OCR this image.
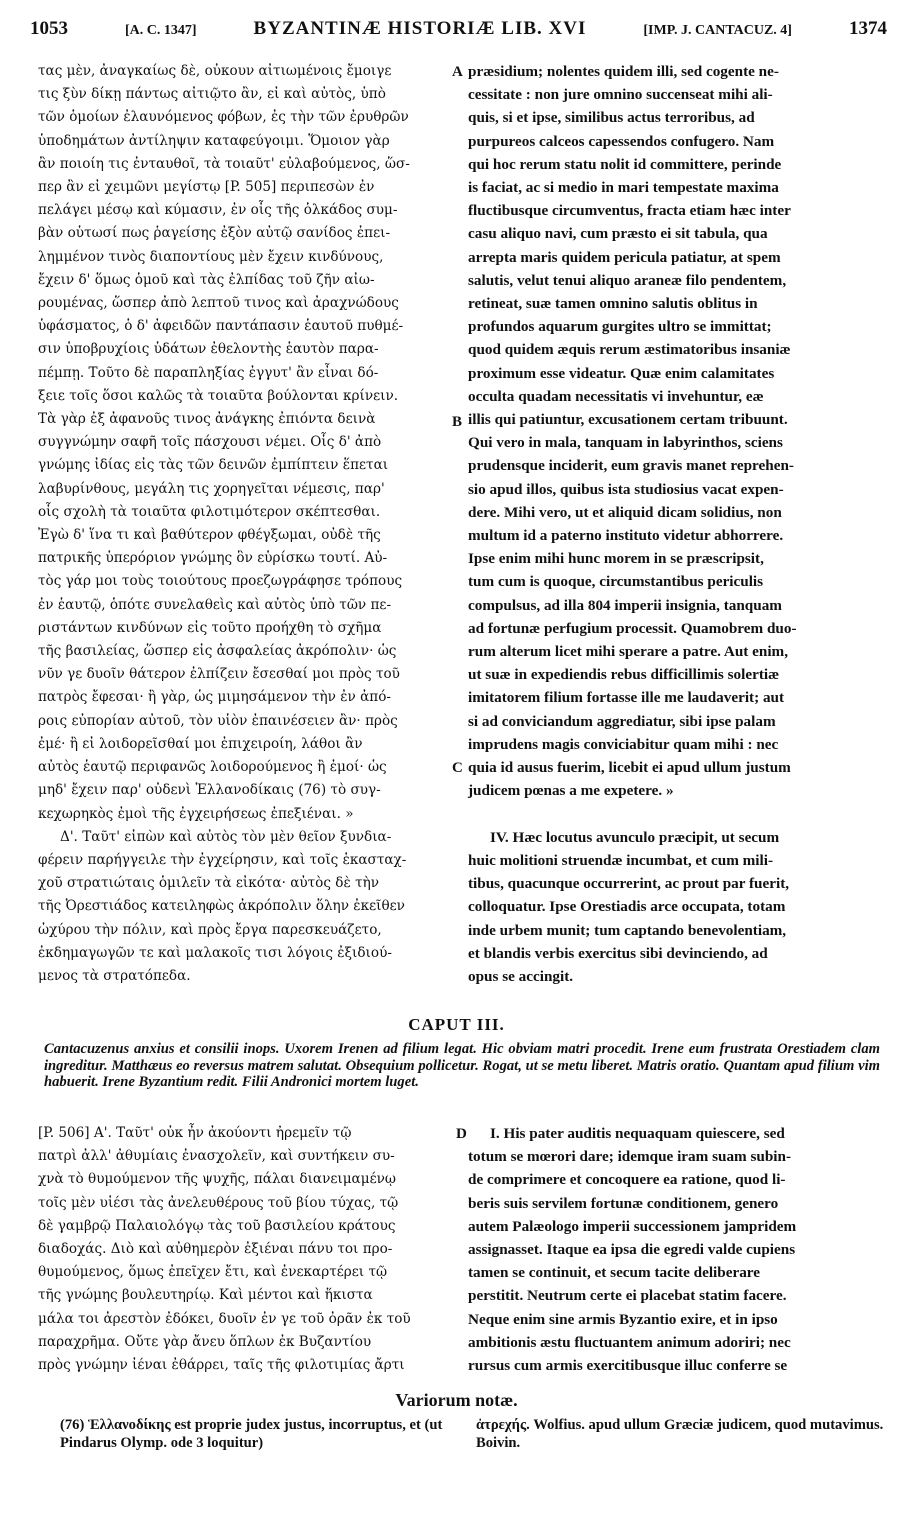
1053	[A. C. 1347]	BYZANTINÆ HISTORIÆ LIB. XVI	[IMP. J. CANTACUZ. 4]	1374
A
B
C
D

τας μὲν, ἀναγκαίως δὲ, οὐκουν αἰτιωμένοις ἔμοιγε

τις ξὺν δίκῃ πάντως αἰτιῷτο ἂν, εἰ καὶ αὐτὸς, ὑπὸ

τῶν ὁμοίων ἐλαυνόμενος φόβων, ἐς τὴν τῶν ἐρυθρῶν

ὑποδημάτων ἀντίληψιν καταφεύγοιμι. Ὅμοιον γὰρ

ἂν ποιοίη τις ἐνταυθοῖ, τὰ τοιαῦτ' εὐλαβούμενος, ὥσ-

περ ἂν εἰ χειμῶνι μεγίστῳ [P. 505] περιπεσὼν ἐν

πελάγει μέσῳ καὶ κύμασιν, ἐν οἷς τῆς ὁλκάδος συμ-

βὰν οὑτωσί πως ῥαγείσης ἐξὸν αὐτῷ σανίδος ἐπει-

λημμένον τινὸς διαποντίους μὲν ἔχειν κινδύνους,

ἔχειν δ' ὅμως ὁμοῦ καὶ τὰς ἐλπίδας τοῦ ζῆν αἰω-

ρουμένας, ὥσπερ ἀπὸ λεπτοῦ τινος καὶ ἀραχνώδους

ὑφάσματος, ὁ δ' ἀφειδῶν παντάπασιν ἑαυτοῦ πυθμέ-

σιν ὑποβρυχίοις ὑδάτων ἐθελοντὴς ἑαυτὸν παρα-

πέμπῃ. Τοῦτο δὲ παραπληξίας ἐγγυτ' ἂν εἶναι δό-

ξειε τοῖς ὅσοι καλῶς τὰ τοιαῦτα βούλονται κρίνειν.

Τὰ γὰρ ἐξ ἀφανοῦς τινος ἀνάγκης ἐπιόντα δεινὰ

συγγνώμην σαφῆ τοῖς πάσχουσι νέμει. Οἷς δ' ἀπὸ

γνώμης ἰδίας εἰς τὰς τῶν δεινῶν ἐμπίπτειν ἕπεται

λαβυρίνθους, μεγάλη τις χορηγεῖται νέμεσις, παρ'

οἷς σχολὴ τὰ τοιαῦτα φιλοτιμότερον σκέπτεσθαι.

Ἐγὼ δ' ἵνα τι καὶ βαθύτερον φθέγξωμαι, οὐδὲ τῆς

πατρικῆς ὑπερόριον γνώμης ὃν εὑρίσκω τουτί. Αὐ-

τὸς γάρ μοι τοὺς τοιούτους προεζωγράφησε τρόπους

ἐν ἑαυτῷ, ὁπότε συνελαθεὶς καὶ αὐτὸς ὑπὸ τῶν πε-

ριστάντων κινδύνων εἰς τοῦτο προήχθη τὸ σχῆμα

τῆς βασιλείας, ὥσπερ εἰς ἀσφαλείας ἀκρόπολιν· ὡς

νῦν γε δυοῖν θάτερον ἐλπίζειν ἔσεσθαί μοι πρὸς τοῦ

πατρὸς ἔφεσαι· ἢ γὰρ, ὡς μιμησάμενον τὴν ἐν ἀπό-

ροις εὐπορίαν αὐτοῦ, τὸν υἱὸν ἐπαινέσειεν ἂν· πρὸς

ἐμέ· ἢ εἰ λοιδορεῖσθαί μοι ἐπιχειροίη, λάθοι ἂν

αὐτὸς ἑαυτῷ περιφανῶς λοιδορούμενος ἢ ἐμοί· ὡς

μηδ' ἔχειν παρ' οὐδενὶ Ἑλλανοδίκαις (76) τὸ συγ-

κεχωρηκὸς ἐμοὶ τῆς ἐγχειρήσεως ἐπεξιέναι. »

Δ'. Ταῦτ' εἰπὼν καὶ αὐτὸς τὸν μὲν θεῖον ξυνδια-

φέρειν παρήγγειλε τὴν ἐγχείρησιν, καὶ τοῖς ἑκασταχ-

χοῦ στρατιώταις ὁμιλεῖν τὰ εἰκότα· αὐτὸς δὲ τὴν

τῆς Ὀρεστιάδος κατειληφὼς ἀκρόπολιν ὅλην ἐκεῖθεν

ὠχύρου τὴν πόλιν, καὶ πρὸς ἔργα παρεσκευάζετο,

ἐκδημαγωγῶν τε καὶ μαλακοῖς τισι λόγοις ἐξιδιού-

μενος τὰ στρατόπεδα.

præsidium; nolentes quidem illi, sed cogente ne-

cessitate : non jure omnino succenseat mihi ali-

quis, si et ipse, similibus actus terroribus, ad

purpureos calceos capessendos confugero. Nam

qui hoc rerum statu nolit id committere, perinde

is faciat, ac si medio in mari tempestate maxima

fluctibusque circumventus, fracta etiam hæc inter

casu aliquo navi, cum præsto ei sit tabula, qua

arrepta maris quidem pericula patiatur, at spem

salutis, velut tenui aliquo araneæ filo pendentem,

retineat, suæ tamen omnino salutis oblitus in

profundos aquarum gurgites ultro se immittat;

quod quidem æquis rerum æstimatoribus insaniæ

proximum esse videatur. Quæ enim calamitates

occulta quadam necessitatis vi invehuntur, eæ

illis qui patiuntur, excusationem certam tribuunt.

Qui vero in mala, tanquam in labyrinthos, sciens

prudensque inciderit, eum gravis manet reprehen-

sio apud illos, quibus ista studiosius vacat expen-

dere. Mihi vero, ut et aliquid dicam solidius, non

multum id a paterno instituto videtur abhorrere.

Ipse enim mihi hunc morem in se præscripsit,

tum cum is quoque, circumstantibus periculis

compulsus, ad illa 804 imperii insignia, tanquam

ad fortunæ perfugium processit. Quamobrem duo-

rum alterum licet mihi sperare a patre. Aut enim,

ut suæ in expediendis rebus difficillimis solertiæ

imitatorem filium fortasse ille me laudaverit; aut

si ad conviciandum aggrediatur, sibi ipse palam

imprudens magis conviciabitur quam mihi : nec

quia id ausus fuerim, licebit ei apud ullum justum

judicem pœnas a me expetere. »

IV. Hæc locutus avunculo præcipit, ut secum

huic molitioni struendæ incumbat, et cum mili-

tibus, quacunque occurrerint, ac prout par fuerit,

colloquatur. Ipse Orestiadis arce occupata, totam

inde urbem munit; tum captando benevolentiam,

et blandis verbis exercitus sibi devinciendo, ad

opus se accingit.

CAPUT III.
Cantacuzenus anxius et consilii inops. Uxorem Irenen ad filium legat. Hic obviam matri procedit. Irene eum frustrata Orestiadem clam ingreditur. Matthæus eo reversus matrem salutat. Obsequium pollicetur. Rogat, ut se metu liberet. Matris oratio. Quantam apud filium vim habuerit. Irene Byzantium redit. Filii Andronici mortem luget.

[P. 506] Α'. Ταῦτ' οὐκ ἦν ἀκούοντι ἠρεμεῖν τῷ

πατρὶ ἀλλ' ἀθυμίαις ἐνασχολεῖν, καὶ συντήκειν συ-

χνὰ τὸ θυμούμενον τῆς ψυχῆς, πάλαι διανειμαμένῳ

τοῖς μὲν υἱέσι τὰς ἀνελευθέρους τοῦ βίου τύχας, τῷ

δὲ γαμβρῷ Παλαιολόγῳ τὰς τοῦ βασιλείου κράτους

διαδοχάς. Διὸ καὶ αὐθημερὸν ἐξιέναι πάνυ τοι προ-

θυμούμενος, ὅμως ἐπεῖχεν ἔτι, καὶ ἐνεκαρτέρει τῷ

τῆς γνώμης βουλευτηρίῳ. Καὶ μέντοι καὶ ἥκιστα

μάλα τοι ἀρεστὸν ἐδόκει, δυοῖν ἐν γε τοῦ ὀρᾶν ἐκ τοῦ

παραχρῆμα. Οὔτε γὰρ ἄνευ ὅπλων ἐκ Βυζαντίου

πρὸς γνώμην ἰέναι ἐθάρρει, ταῖς τῆς φιλοτιμίας ἄρτι

I. His pater auditis nequaquam quiescere, sed

totum se mœrori dare; idemque iram suam subin-

de comprimere et concoquere ea ratione, quod li-

beris suis servilem fortunæ conditionem, genero

autem Palæologo imperii successionem jampridem

assignasset. Itaque ea ipsa die egredi valde cupiens

tamen se continuit, et secum tacite deliberare

perstitit. Neutrum certe ei placebat statim facere.

Neque enim sine armis Byzantio exire, et in ipso

ambitionis æstu fluctuantem animum adoriri; nec

rursus cum armis exercitibusque illuc conferre se

Variorum notæ.
(76) Ἑλλανοδίκης est proprie judex justus, incorruptus, et (ut Pindarus Olymp. ode 3 loquitur)
ἀτρεχής. Wolfius. apud ullum Græciæ judicem, quod mutavimus. Boivin.
